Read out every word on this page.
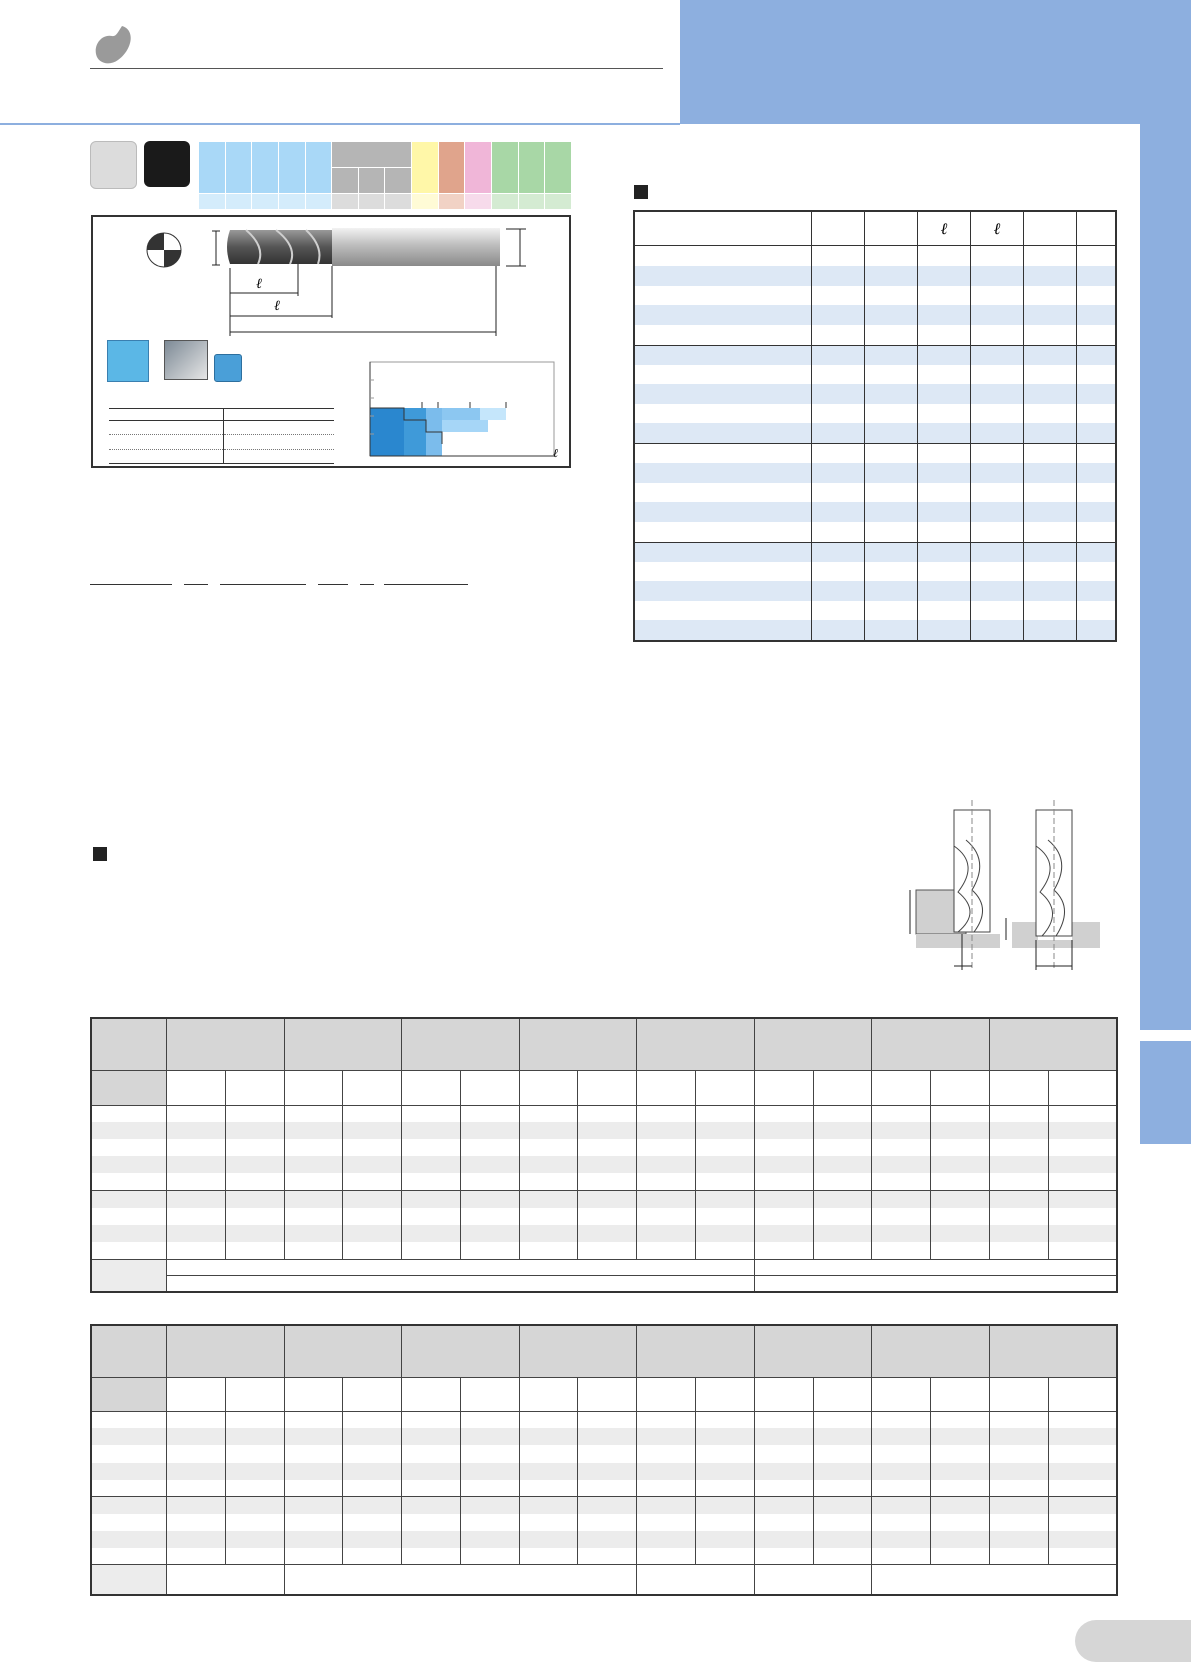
ℓ
ℓ

ℓ
			ℓ	ℓ		
